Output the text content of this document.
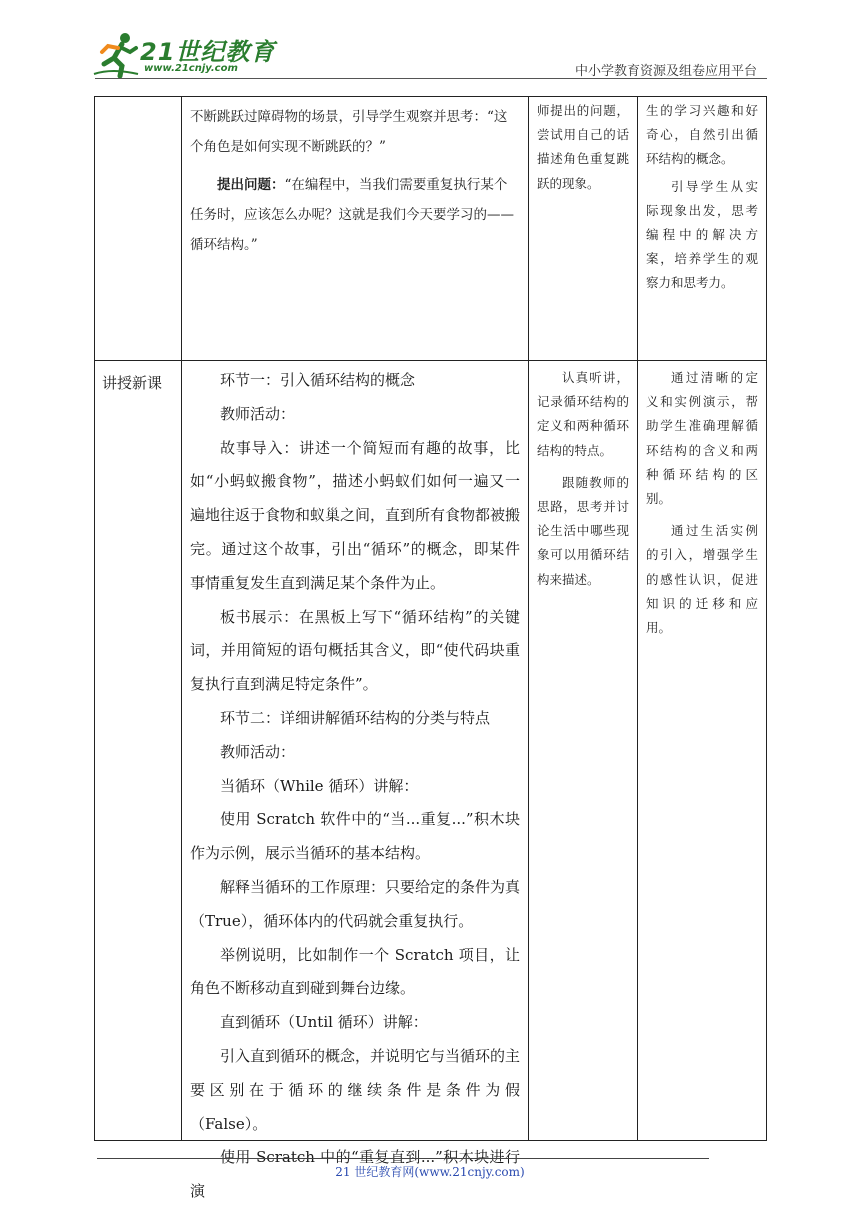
21世纪教育
www.21cnjy.com	中小学教育资源及组卷应用平台

不断跳跃过障碍物的场景，引导学生观察并思考：“这个角色是如何实现不断跳跃的？”

提出问题：“在编程中，当我们需要重复执行某个任务时，应该怎么办呢？这就是我们今天要学习的——循环结构。”

师提出的问题，尝试用自己的话描述角色重复跳跃的现象。

生的学习兴趣和好奇心，自然引出循环结构的概念。

引导学生从实际现象出发，思考编程中的解决方案，培养学生的观察力和思考力。

讲授新课	环节一：引入循环结构的概念

教师活动：

故事导入：讲述一个简短而有趣的故事，比如“小蚂蚁搬食物”，描述小蚂蚁们如何一遍又一遍地往返于食物和蚁巢之间，直到所有食物都被搬完。通过这个故事，引出“循环”的概念，即某件事情重复发生直到满足某个条件为止。

板书展示：在黑板上写下“循环结构”的关键词，并用简短的语句概括其含义，即“使代码块重复执行直到满足特定条件”。

环节二：详细讲解循环结构的分类与特点

教师活动：

当循环（While 循环）讲解：

使用 Scratch 软件中的“当...重复...”积木块作为示例，展示当循环的基本结构。

解释当循环的工作原理：只要给定的条件为真（True），循环体内的代码就会重复执行。

举例说明，比如制作一个 Scratch 项目，让角色不断移动直到碰到舞台边缘。

直到循环（Until 循环）讲解：

引入直到循环的概念，并说明它与当循环的主要区别在于循环的继续条件是条件为假（False）。

使用 Scratch 中的“重复直到...”积木块进行演

认真听讲，记录循环结构的定义和两种循环结构的特点。

跟随教师的思路，思考并讨论生活中哪些现象可以用循环结构来描述。

通过清晰的定义和实例演示，帮助学生准确理解循环结构的含义和两种循环结构的区别。

通过生活实例的引入，增强学生的感性认识，促进知识的迁移和应用。

21 世纪教育网(www.21cnjy.com)
